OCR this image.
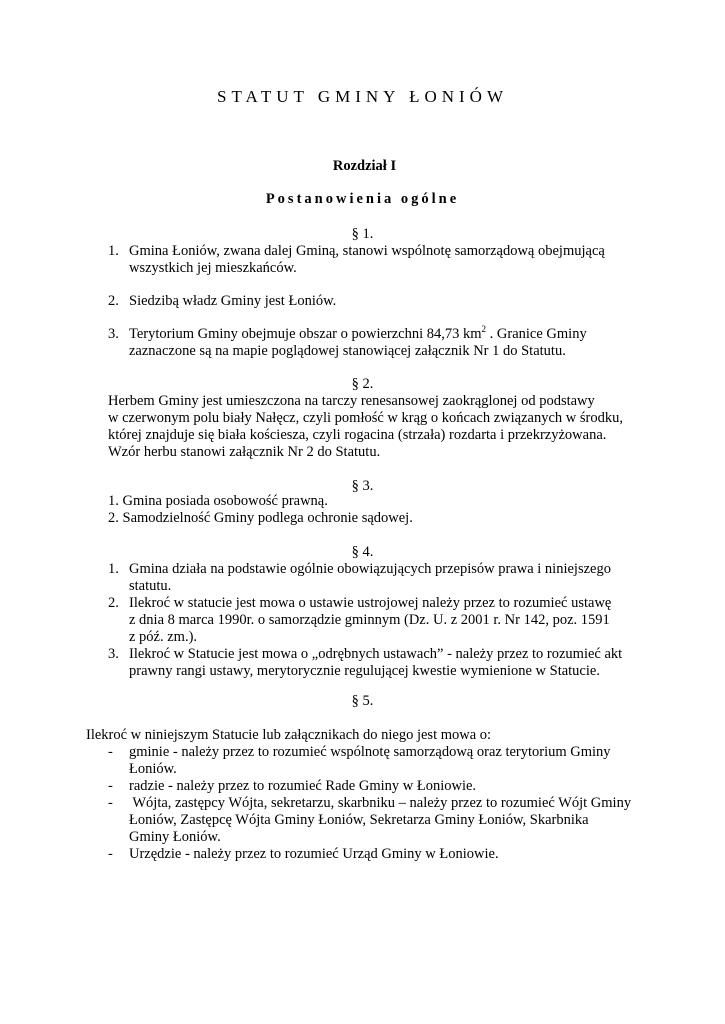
STATUT GMINY ŁONIÓW
Rozdział I
Postanowienia ogólne
§ 1.
1. Gmina Łoniów, zwana dalej Gminą, stanowi wspólnotę samorządową obejmującą
wszystkich jej mieszkańców.
2. Siedzibą władz Gminy jest Łoniów.
3. Terytorium Gminy obejmuje obszar o powierzchni 84,73 $km^2$ . Granice Gminy
zaznaczone są na mapie poglądowej stanowiącej załącznik Nr 1 do Statutu.
§ 2.
Herbem Gminy jest umieszczona na tarczy renesansowej zaokrąglonej od podstawy
w czerwonym polu biały Nałęcz, czyli pomłość w krąg o końcach związanych w środku,
której znajduje się biała kościesza, czyli rogacina (strzała) rozdarta i przekrzyżowana.
Wzór herbu stanowi załącznik Nr 2 do Statutu.
§ 3.
1. Gmina posiada osobowość prawną.
2. Samodzielność Gminy podlega ochronie sądowej.
§ 4.
1. Gmina działa na podstawie ogólnie obowiązujących przepisów prawa i niniejszego
statutu.
2. Ilekroć w statucie jest mowa o ustawie ustrojowej należy przez to rozumieć ustawę
z dnia 8 marca 1990r. o samorządzie gminnym (Dz. U. z 2001 r. Nr 142, poz. 1591
z póź. zm.).
3. Ilekroć w Statucie jest mowa o „odrębnych ustawach” - należy przez to rozumieć akt
prawny rangi ustawy, merytorycznie regulującej kwestie wymienione w Statucie.
§ 5.
Ilekroć w niniejszym Statucie lub załącznikach do niego jest mowa o:
- gminie - należy przez to rozumieć wspólnotę samorządową oraz terytorium Gminy
Łoniów.
- radzie - należy przez to rozumieć Rade Gminy w Łoniowie.
- Wójta, zastępcy Wójta, sekretarzu, skarbniku – należy przez to rozumieć Wójt Gminy
Łoniów, Zastępcę Wójta Gminy Łoniów, Sekretarza Gminy Łoniów, Skarbnika
Gminy Łoniów.
- Urzędzie - należy przez to rozumieć Urząd Gminy w Łoniowie.
